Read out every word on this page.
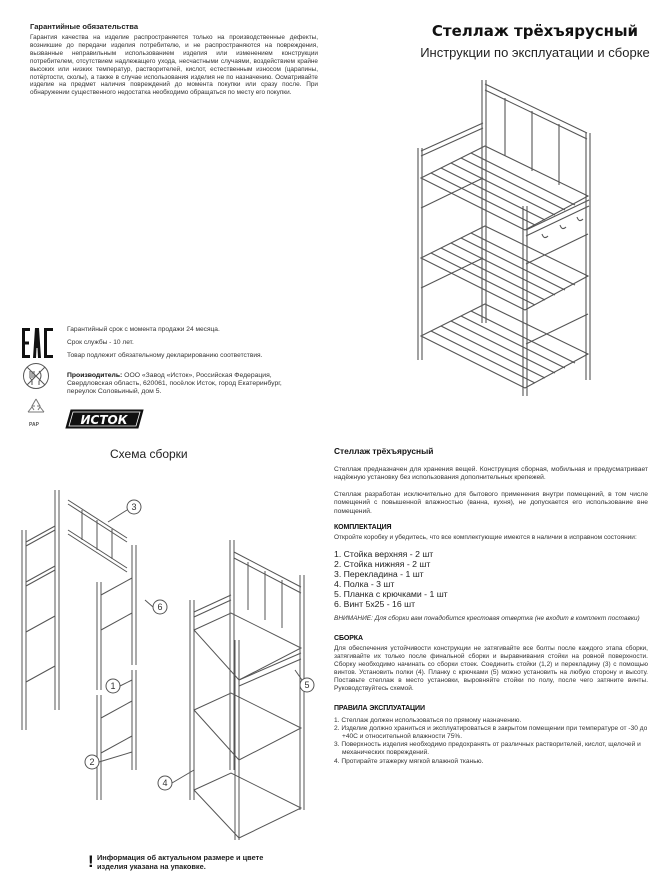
Гарантийные обязательства
Гарантия качества на изделие распространяется только на производственные дефекты, возникшие до передачи изделия потребителю, и не распространяются на повреждения, вызванные неправильным использованием изделия или изменением конструкции потребителем, отсутствием надлежащего ухода, несчастными случаями, воздействием крайне высоких или низких температур, растворителей, кислот, естественным износом (царапины, потёртости, сколы), а также в случае использования изделия не по назначению. Осматривайте изделие на предмет наличия повреждений до момента покупки или сразу после. При обнаружении существенного недостатка необходимо обращаться по месту его покупки.
Стеллаж трёхъярусный
Инструкции по эксплуатации и сборке
Гарантийный срок с момента продажи 24 месяца.
Срок службы - 10 лет.
Товар подлежит обязательному декларированию соответствия.
PAP
Производитель: ООО «Завод «Исток», Российская Федерация, Свердловская область, 620061, посёлок Исток, город Екатеринбург, переулок Соловьиный, дом 5.
ИСТОК
Схема сборки
1
2
3
4
5
6
! Информация об актуальном размере и цвете изделия указана на упаковке.
Стеллаж трёхъярусный
Стеллаж предназначен для хранения вещей. Конструкция сборная, мобильная и предусматривает надёжную установку без использования дополнительных крепежей.
Стеллаж разработан исключительно для бытового применения внутри помещений, в том числе помещений с повышенной влажностью (ванна, кухня), не допускается его использование вне помещений.
КОМПЛЕКТАЦИЯ
Откройте коробку и убедитесь, что все комплектующие имеются в наличии в исправном состоянии:
1. Стойка верхняя - 2 шт
2. Стойка нижняя - 2 шт
3. Перекладина - 1 шт
4. Полка - 3 шт
5. Планка с крючками - 1 шт
6. Винт 5х25 - 16 шт
ВНИМАНИЕ: Для сборки вам понадобится крестовая отвертка (не входит в комплект поставки)
СБОРКА
Для обеспечения устойчивости конструкции не затягивайте все болты после каждого этапа сборки, затягивайте их только после финальной сборки и выравнивания стойки на ровной поверхности. Сборку необходимо начинать со сборки стоек. Соединить стойки (1,2) и перекладину (3) с помощью винтов. Установить полки (4). Планку с крючками (5) можно установить на любую сторону и высоту. Поставьте стеллаж в место установки, выровняйте стойки по полу, после чего затяните винты. Руководствуйтесь схемой.
ПРАВИЛА ЭКСПЛУАТАЦИИ
1. Стеллаж должен использоваться по прямому назначению.
2. Изделие должно храниться и эксплуатироваться в закрытом помещении при температуре от -30 до +40С и относительной влажности 75%.
3. Поверхность изделия необходимо предохранять от различных растворителей, кислот, щелочей и механических повреждений.
4. Протирайте этажерку мягкой влажной тканью.
